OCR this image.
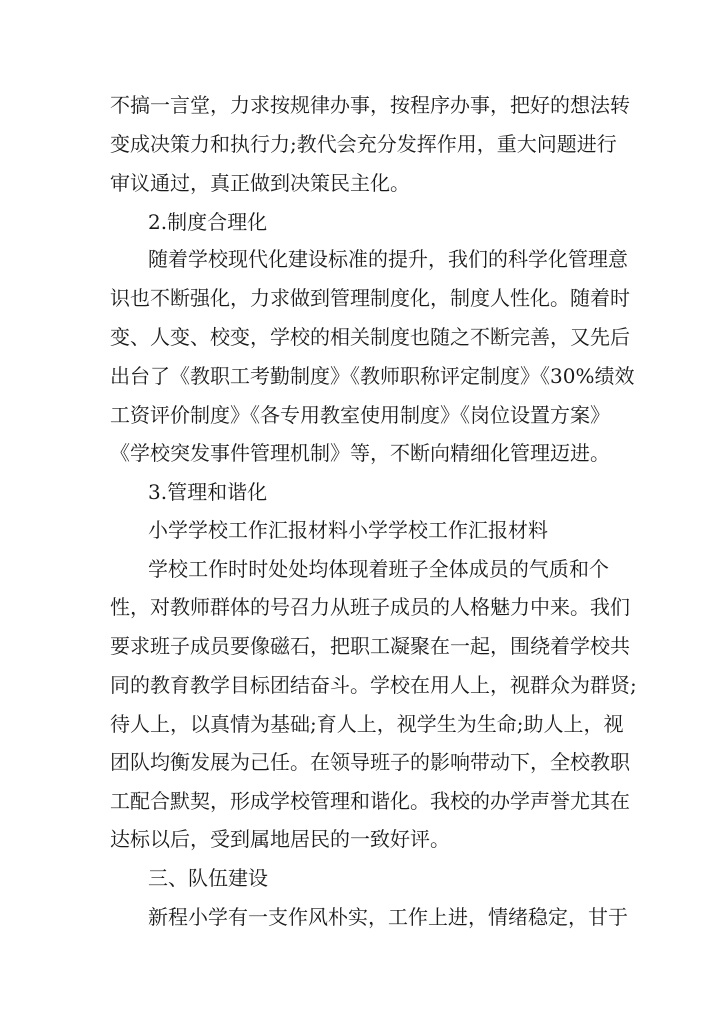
不搞一言堂，力求按规律办事，按程序办事，把好的想法转
变成决策力和执行力;教代会充分发挥作用，重大问题进行
审议通过，真正做到决策民主化。
2.制度合理化
随着学校现代化建设标准的提升，我们的科学化管理意
识也不断强化，力求做到管理制度化，制度人性化。随着时
变、人变、校变，学校的相关制度也随之不断完善，又先后
出台了《教职工考勤制度》《教师职称评定制度》《30%绩效
工资评价制度》《各专用教室使用制度》《岗位设置方案》
《学校突发事件管理机制》等，不断向精细化管理迈进。
3.管理和谐化
小学学校工作汇报材料小学学校工作汇报材料
学校工作时时处处均体现着班子全体成员的气质和个
性，对教师群体的号召力从班子成员的人格魅力中来。我们
要求班子成员要像磁石，把职工凝聚在一起，围绕着学校共
同的教育教学目标团结奋斗。学校在用人上，视群众为群贤;
待人上，以真情为基础;育人上，视学生为生命;助人上，视
团队均衡发展为己任。在领导班子的影响带动下，全校教职
工配合默契，形成学校管理和谐化。我校的办学声誉尤其在
达标以后，受到属地居民的一致好评。
三、队伍建设
新程小学有一支作风朴实，工作上进，情绪稳定，甘于
